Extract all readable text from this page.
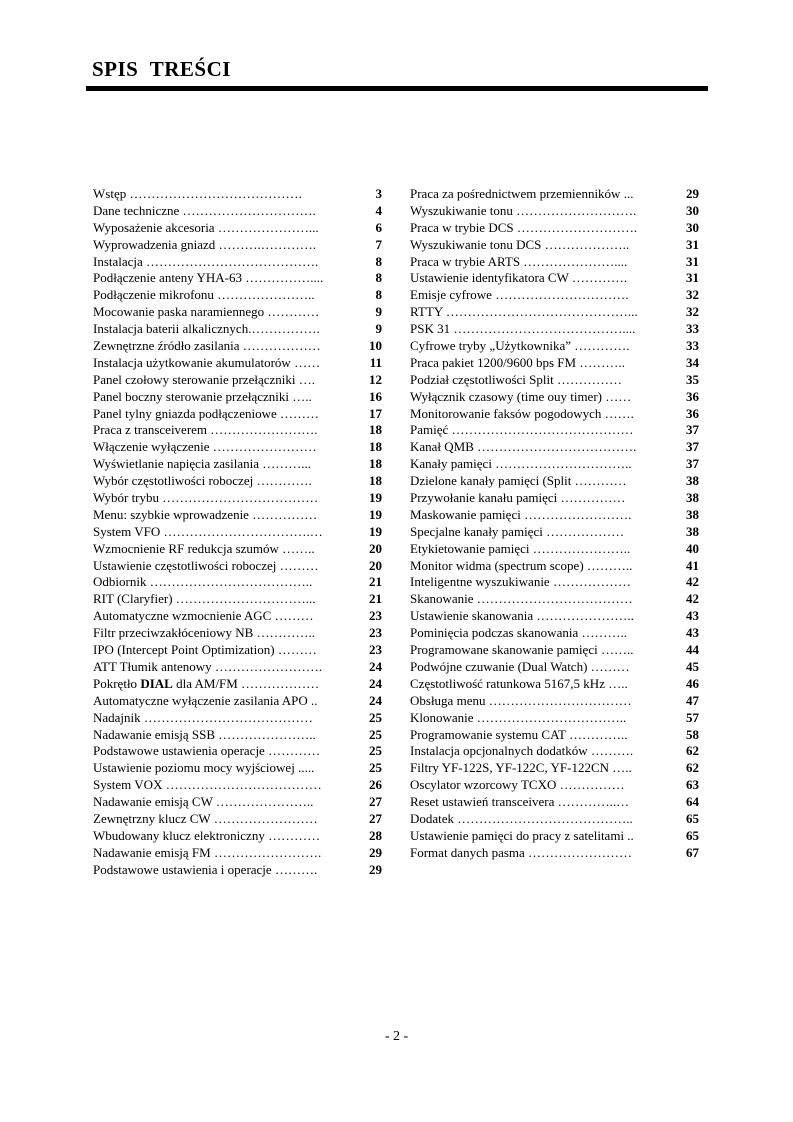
SPIS TREŚCI
Wstęp ………………………………….	3
Dane techniczne ………………………….	4
Wyposażenie akcesoria …………………...	6
Wyprowadzenia gniazd ……….………….	7
Instalacja ………………………………….	8
Podłączenie anteny YHA-63 ……………....	8
Podłączenie mikrofonu …………………..	8
Mocowanie paska naramiennego …………	9
Instalacja baterii alkalicznych.…………….	9
Zewnętrzne źródło zasilania ………………	10
Instalacja użytkowanie akumulatorów ……	11
Panel czołowy sterowanie przełączniki ….	12
Panel boczny sterowanie przełączniki …..	16
Panel tylny gniazda podłączeniowe ………	17
Praca z transceiverem …………………….	18
Włączenie wyłączenie ……………………	18
Wyświetlanie napięcia zasilania ………...	18
Wybór częstotliwości roboczej ………….	18
Wybór trybu ………………………………	19
Menu: szybkie wprowadzenie ……………	19
System VFO …………………………….…	19
Wzmocnienie RF redukcja szumów ……..	20
Ustawienie częstotliwości roboczej ………	20
Odbiornik ………………………………..	21
RIT (Claryfier) …………………………...	21
Automatyczne wzmocnienie AGC ………	23
Filtr przeciwzakłóceniowy NB …………..	23
IPO (Intercept Point Optimization) ………	23
ATT Tłumik antenowy …………………….	24
Pokrętło DIAL dla AM/FM ………………	24
Automatyczne wyłączenie zasilania APO ..	24
Nadajnik …………………………………	25
Nadawanie emisją SSB …………………..	25
Podstawowe ustawienia operacje …………	25
Ustawienie poziomu mocy wyjściowej .....	25
System VOX ………………………………	26
Nadawanie emisją CW …………………..	27
Zewnętrzny klucz CW ……………………	27
Wbudowany klucz elektroniczny …………	28
Nadawanie emisją FM …………………….	29
Podstawowe ustawienia i operacje ……….	29
Praca za pośrednictwem przemienników ...	29
Wyszukiwanie tonu ……………………….	30
Praca w trybie DCS ……………………….	30
Wyszukiwanie tonu DCS ………………..	31
Praca w trybie ARTS …………………....	31
Ustawienie identyfikatora CW ………….	31
Emisje cyfrowe ………………………….	32
RTTY ……………………………………...	32
PSK 31 …………………………………....	33
Cyfrowe tryby „Użytkownika” ………….	33
Praca pakiet 1200/9600 bps FM ………..	34
Podział częstotliwości Split ……………	35
Wyłącznik czasowy (time ouy timer) ……	36
Monitorowanie faksów pogodowych …….	36
Pamięć ……………………………………	37
Kanał QMB ……………………………….	37
Kanały pamięci …………………………..	37
Dzielone kanały pamięci (Split …………	38
Przywołanie kanału pamięci ……………	38
Maskowanie pamięci …………………….	38
Specjalne kanały pamięci ………………	38
Etykietowanie pamięci …………………..	40
Monitor widma (spectrum scope) ………..	41
Inteligentne wyszukiwanie ………………	42
Skanowanie ………………………………	42
Ustawienie skanowania …………………..	43
Pominięcia podczas skanowania ………..	43
Programowane skanowanie pamięci ……..	44
Podwójne czuwanie (Dual Watch) ………	45
Częstotliwość ratunkowa 5167,5 kHz …..	46
Obsługa menu ……………………………	47
Klonowanie ……………………………..	57
Programowanie systemu CAT …………..	58
Instalacja opcjonalnych dodatków ……….	62
Filtry YF-122S, YF-122C, YF-122CN …..	62
Oscylator wzorcowy TCXO ……………	63
Reset ustawień transceivera …………..…	64
Dodatek …………………………………..	65
Ustawienie pamięci do pracy z satelitami ..	65
Format danych pasma ……………………	67
- 2 -
